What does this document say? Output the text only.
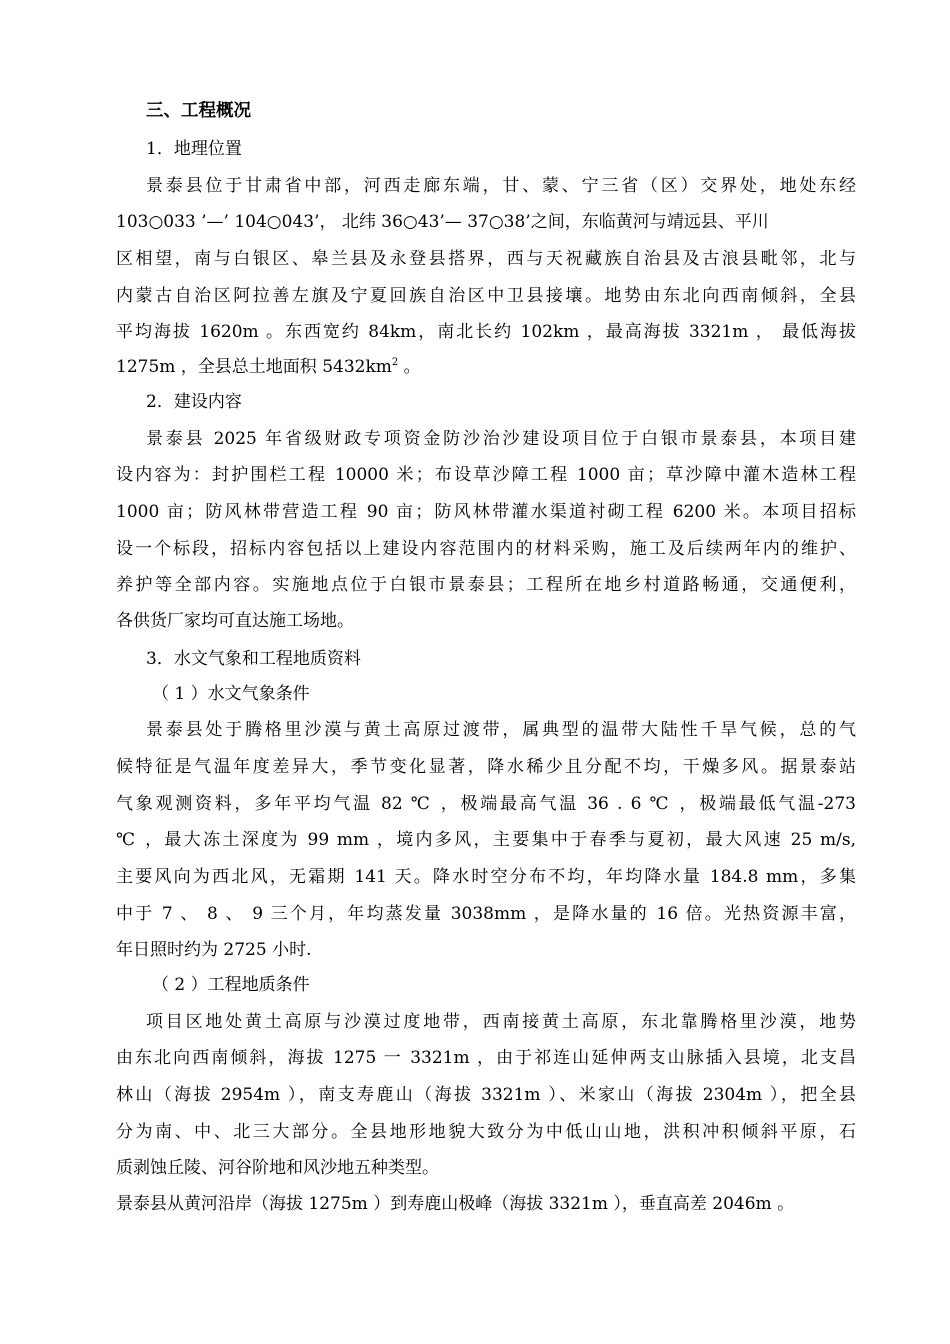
三、工程概况
1．地理位置
景泰县位于甘肃省中部，河西走廊东端，甘、蒙、宁三省（区）交界处，地处东经
103○033 ’—’ 104○043’， 北纬 36○43’— 37○38’之间，东临黄河与靖远县、平川
区相望，南与白银区、皋兰县及永登县搭界，西与天祝藏族自治县及古浪县毗邻，北与
内蒙古自治区阿拉善左旗及宁夏回族自治区中卫县接壤。地势由东北向西南倾斜，全县
平均海拔 1620m 。东西宽约 84km，南北长约 102km ，最高海拔 3321m ， 最低海拔
1275m ，全县总土地面积 $5432km^2$ 。
2．建设内容
景泰县 2025 年省级财政专项资金防沙治沙建设项目位于白银市景泰县，本项目建
设内容为：封护围栏工程 10000 米；布设草沙障工程 1000 亩；草沙障中灌木造林工程
1000 亩；防风林带营造工程 90 亩；防风林带灌水渠道衬砌工程 6200 米。本项目招标
设一个标段，招标内容包括以上建设内容范围内的材料采购，施工及后续两年内的维护、
养护等全部内容。实施地点位于白银市景泰县；工程所在地乡村道路畅通，交通便利，
各供货厂家均可直达施工场地。
3．水文气象和工程地质资料
（ 1 ）水文气象条件
景泰县处于腾格里沙漠与黄土高原过渡带，属典型的温带大陆性千旱气候，总的气
候特征是气温年度差异大，季节变化显著，降水稀少且分配不均，干燥多风。据景泰站
气象观测资料，多年平均气温 82 ℃ ，极端最高气温 36 . 6 ℃ ，极端最低气温-273
℃ ，最大冻土深度为 99 mm ，境内多风，主要集中于春季与夏初，最大风速 25 m/s,
主要风向为西北风，无霜期 141 天。降水时空分布不均，年均降水量 184.8 mm，多集
中于 7 、 8 、 9 三个月，年均蒸发量 3038mm ，是降水量的 16 倍。光热资源丰富，
年日照时约为 2725 小时.
（ 2 ）工程地质条件
项目区地处黄土高原与沙漠过度地带，西南接黄土高原，东北靠腾格里沙漠，地势
由东北向西南倾斜，海拔 1275 一 3321m ，由于祁连山延伸两支山脉插入县境，北支昌
林山（海拔 2954m ），南支寿鹿山（海拔 3321m ）、米家山（海拔 2304m ），把全县
分为南、中、北三大部分。全县地形地貌大致分为中低山山地，洪积冲积倾斜平原，石
质剥蚀丘陵、河谷阶地和风沙地五种类型。
景泰县从黄河沿岸（海拔 1275m ）到寿鹿山极峰（海拔 3321m ），垂直高差 2046m 。
